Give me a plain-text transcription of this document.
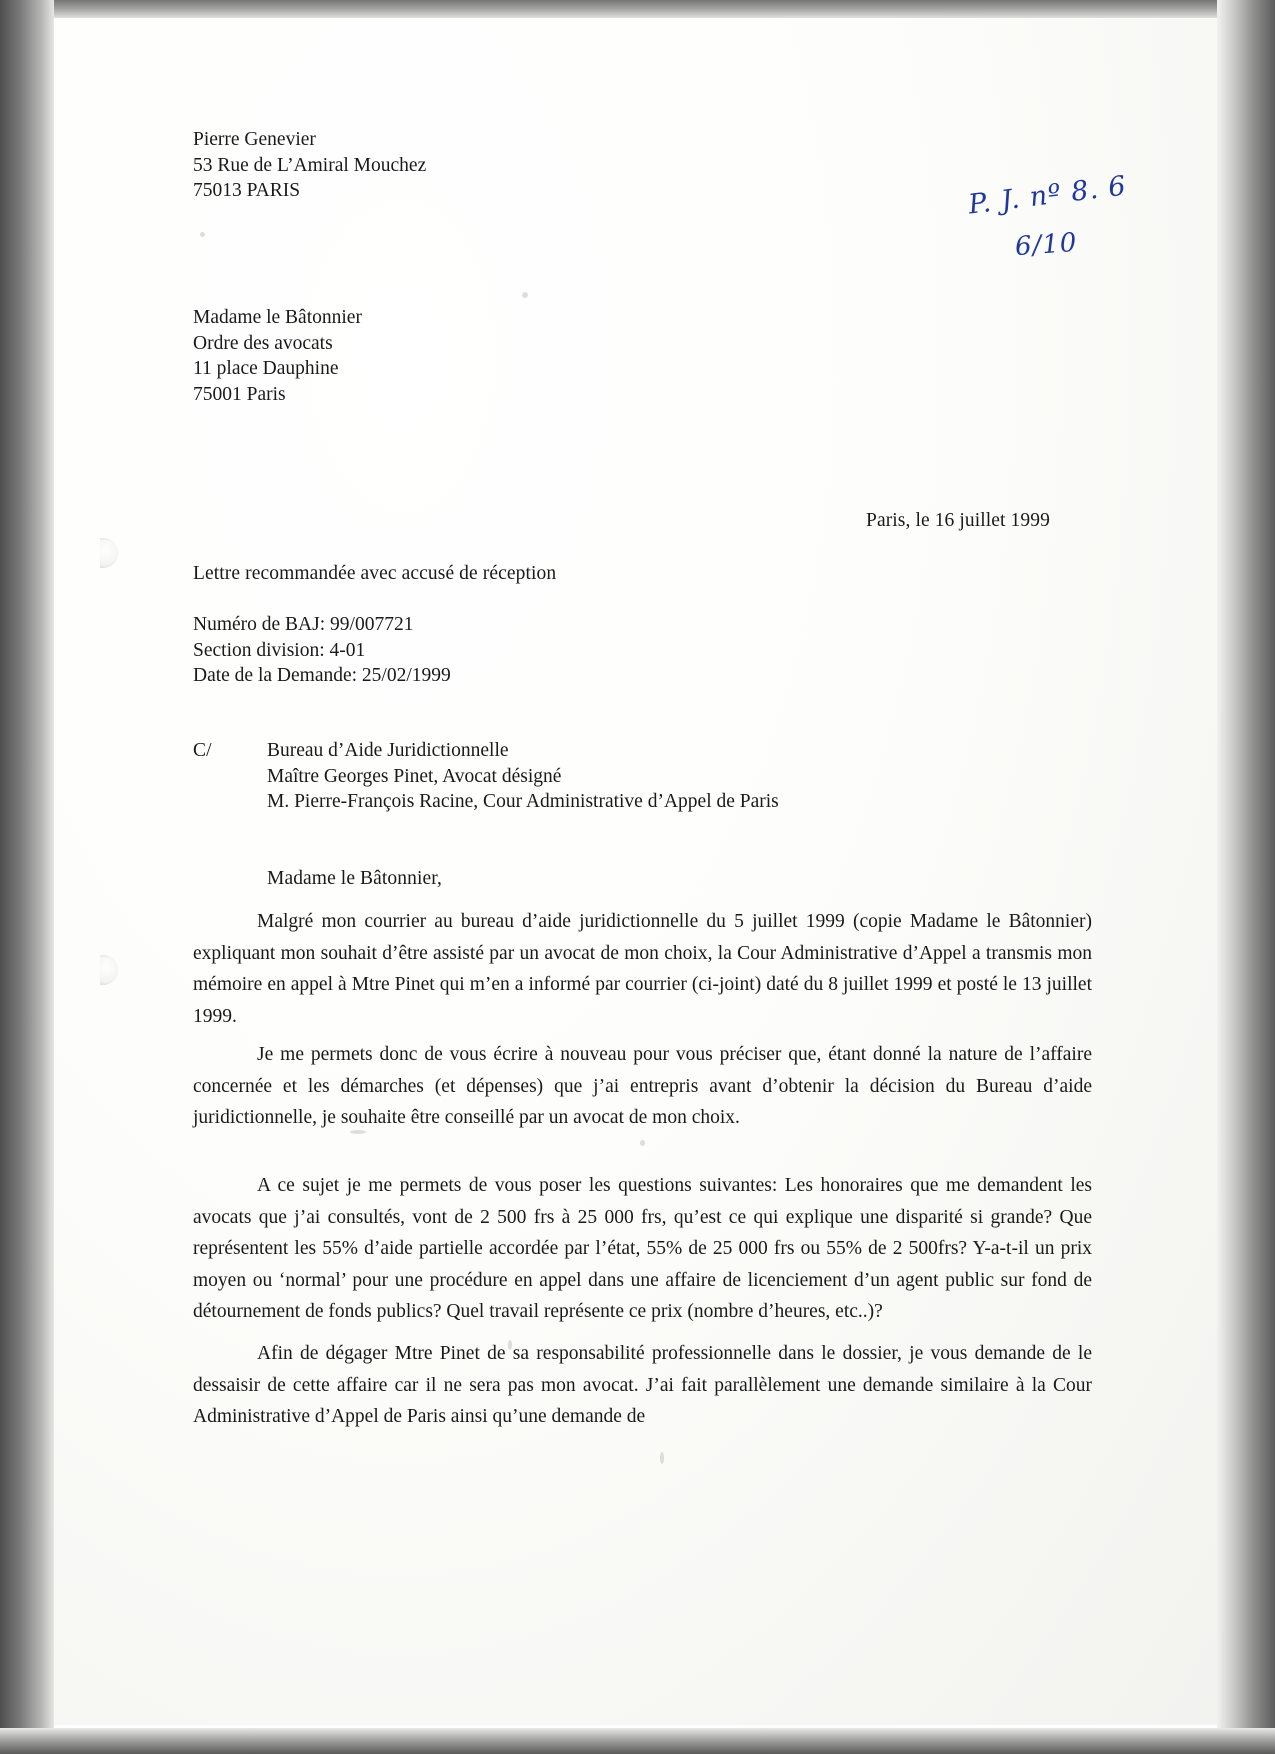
Pierre Genevier
53 Rue de L’Amiral Mouchez
75013 PARIS	P. J. nº 8. 6
6/10
Madame le Bâtonnier
Ordre des avocats
11 place Dauphine
75001 Paris
Paris, le 16 juillet 1999
Lettre recommandée avec accusé de réception
Numéro de BAJ: 99/007721
Section division: 4-01
Date de la Demande: 25/02/1999
C/	Bureau d’Aide Juridictionnelle
Maître Georges Pinet, Avocat désigné
M. Pierre-François Racine, Cour Administrative d’Appel de Paris
Madame le Bâtonnier,
Malgré mon courrier au bureau d’aide juridictionnelle du 5 juillet 1999 (copie Madame le Bâtonnier) expliquant mon souhait d’être assisté par un avocat de mon choix, la Cour Administrative d’Appel a transmis mon mémoire en appel à Mtre Pinet qui m’en a informé par courrier (ci-joint) daté du 8 juillet 1999 et posté le 13 juillet 1999.
Je me permets donc de vous écrire à nouveau pour vous préciser que, étant donné la nature de l’affaire concernée et les démarches (et dépenses) que j’ai entrepris avant d’obtenir la décision du Bureau d’aide juridictionnelle, je souhaite être conseillé par un avocat de mon choix.
A ce sujet je me permets de vous poser les questions suivantes: Les honoraires que me demandent les avocats que j’ai consultés, vont de 2 500 frs à 25 000 frs, qu’est ce qui explique une disparité si grande? Que représentent les 55% d’aide partielle accordée par l’état, 55% de 25 000 frs ou 55% de 2 500frs? Y-a-t-il un prix moyen ou ‘normal’ pour une procédure en appel dans une affaire de licenciement d’un agent public sur fond de détournement de fonds publics? Quel travail représente ce prix (nombre d’heures, etc..)?
Afin de dégager Mtre Pinet de sa responsabilité professionnelle dans le dossier, je vous demande de le dessaisir de cette affaire car il ne sera pas mon avocat. J’ai fait parallèlement une demande similaire à la Cour Administrative d’Appel de Paris ainsi qu’une demande de
